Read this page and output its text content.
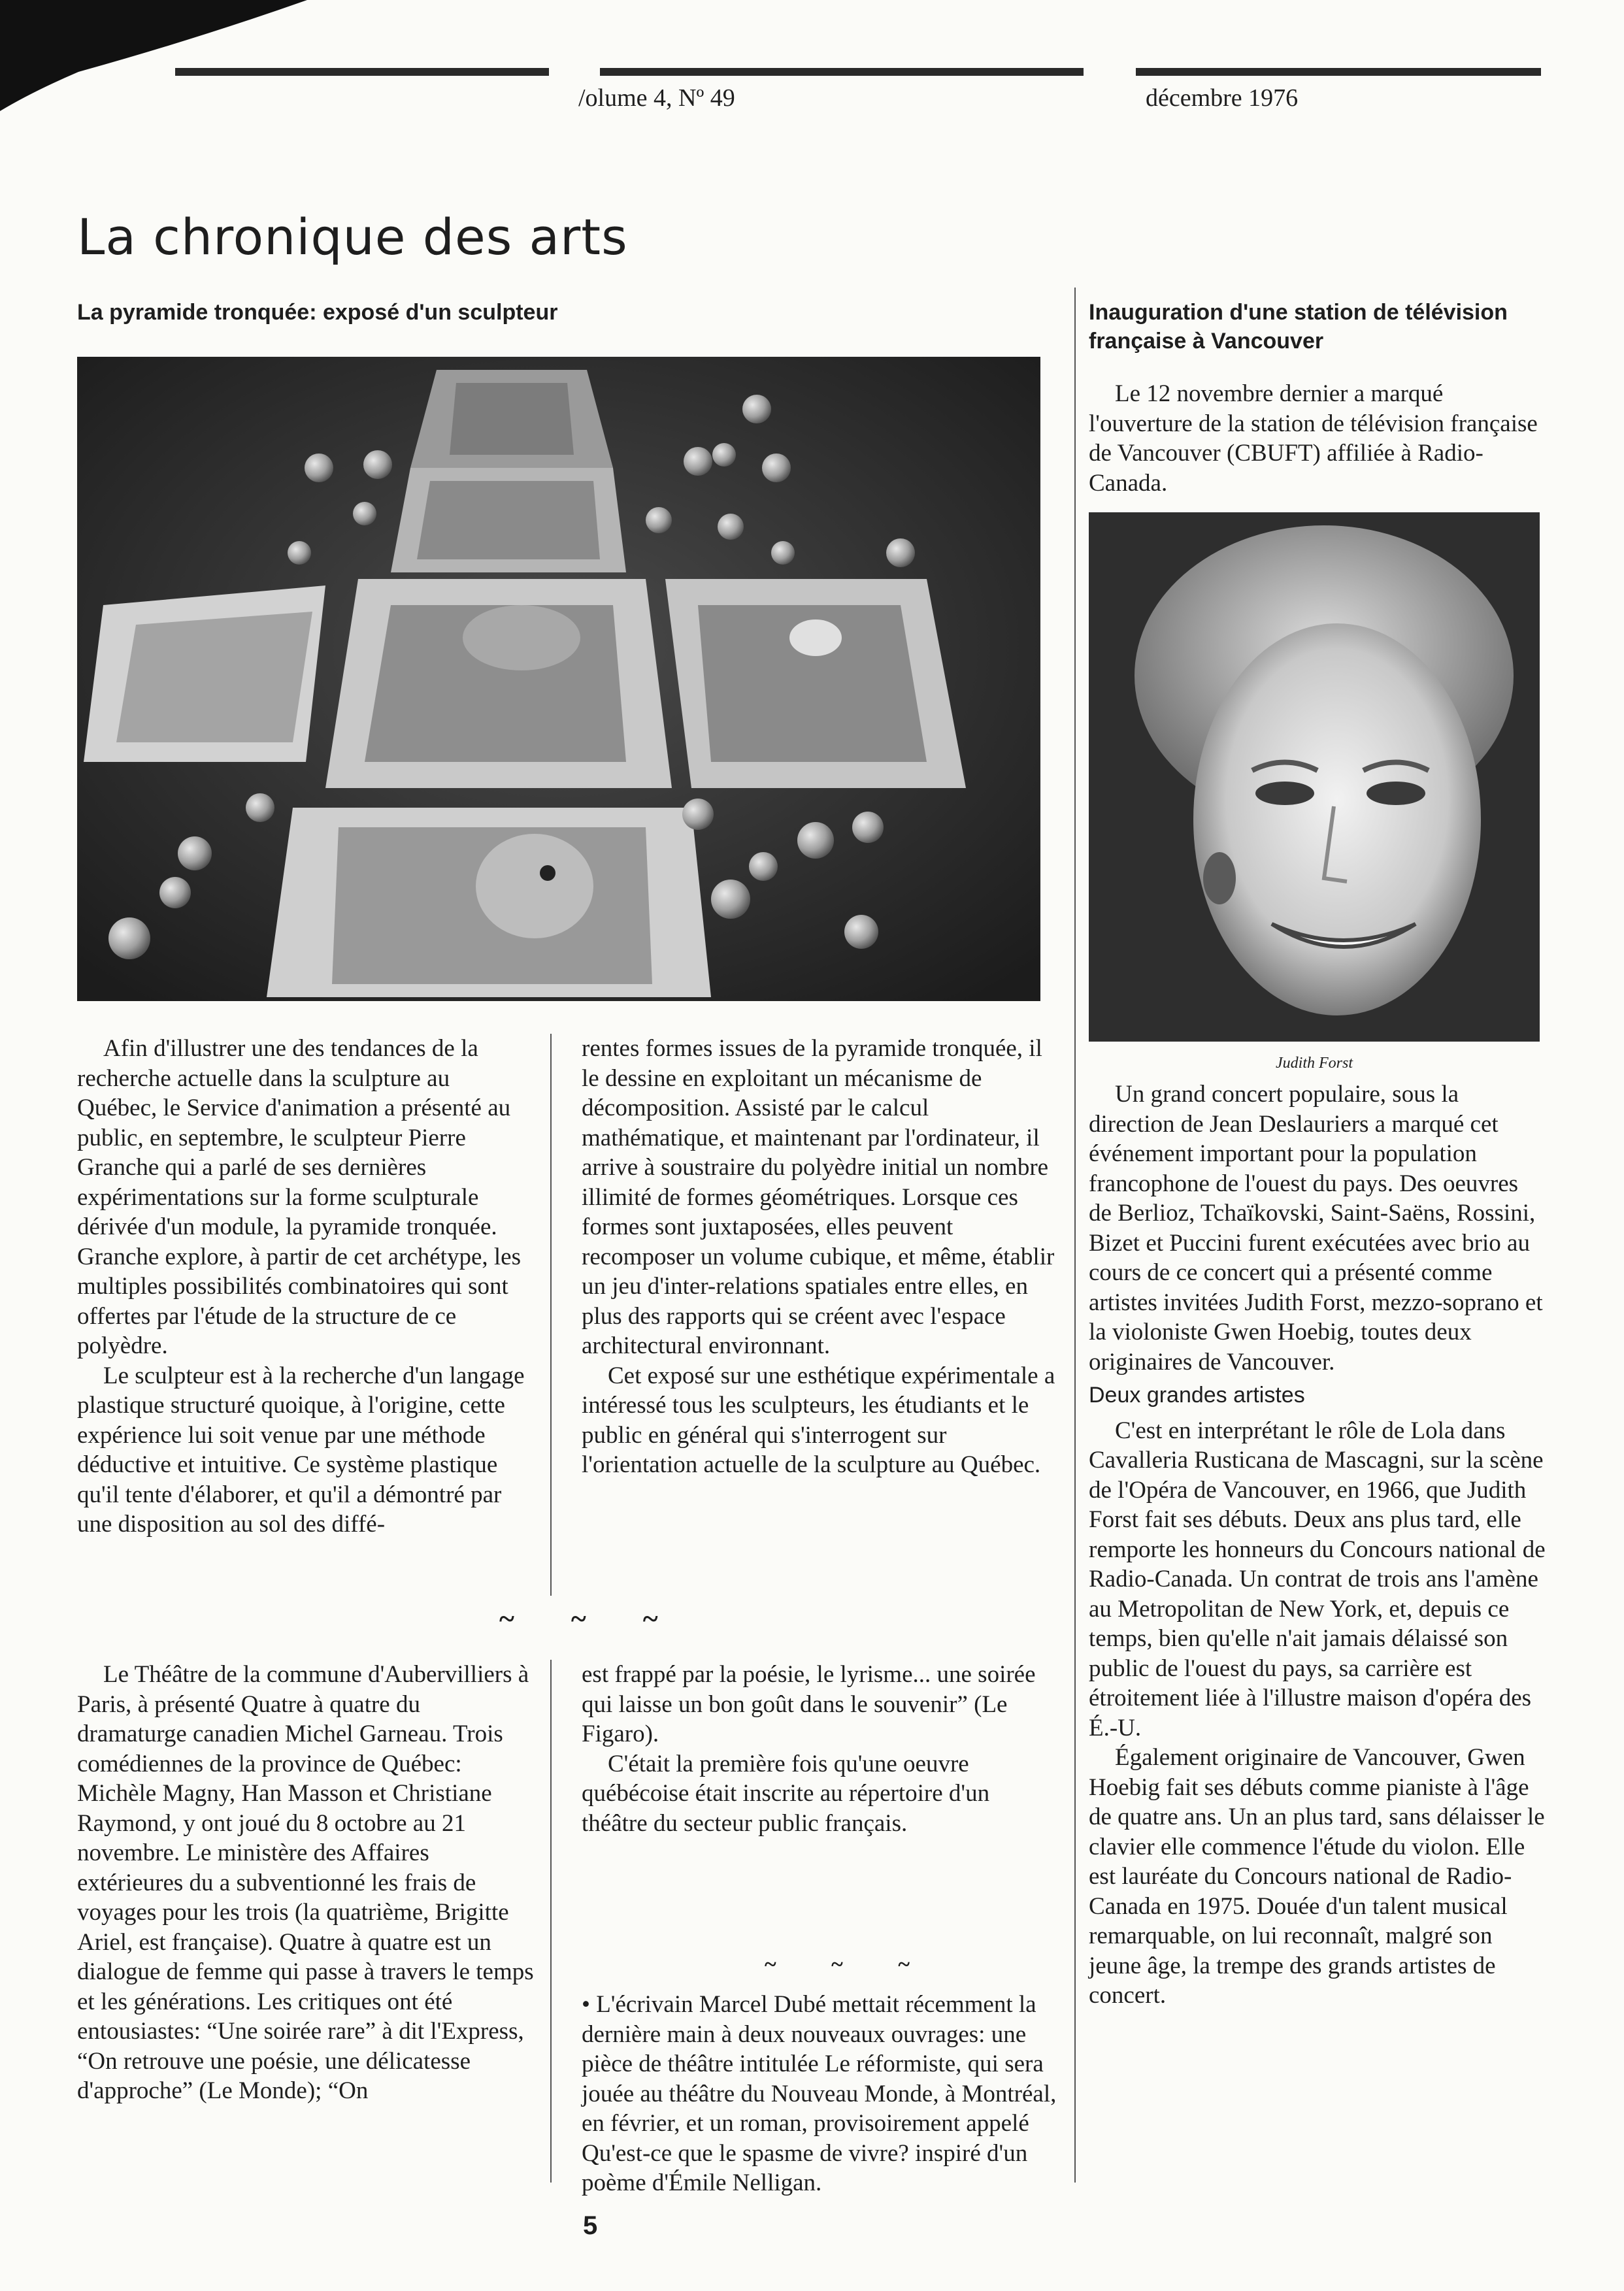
/olume 4, Nº 49	décembre 1976
La chronique des arts
La pyramide tronquée: exposé d'un sculpteur

Afin d'illustrer une des tendances de la recherche actuelle dans la sculpture au Québec, le Service d'animation a présenté au public, en septembre, le sculpteur Pierre Granche qui a parlé de ses dernières expérimentations sur la forme sculpturale dérivée d'un module, la pyramide tronquée. Granche explore, à partir de cet archétype, les multiples possibilités combinatoires qui sont offertes par l'étude de la structure de ce polyèdre.

Le sculpteur est à la recherche d'un langage plastique structuré quoique, à l'origine, cette expérience lui soit venue par une méthode déductive et intuitive. Ce système plastique qu'il tente d'élaborer, et qu'il a démontré par une disposition au sol des diffé-

rentes formes issues de la pyramide tronquée, il le dessine en exploitant un mécanisme de décomposition. Assisté par le calcul mathématique, et maintenant par l'ordinateur, il arrive à soustraire du polyèdre initial un nombre illimité de formes géométriques. Lorsque ces formes sont juxtaposées, elles peuvent recomposer un volume cubique, et même, établir un jeu d'inter-relations spatiales entre elles, en plus des rapports qui se créent avec l'espace architectural environnant.

Cet exposé sur une esthétique expérimentale a intéressé tous les sculpteurs, les étudiants et le public en général qui s'interrogent sur l'orientation actuelle de la sculpture au Québec.

~ ~ ~

Le Théâtre de la commune d'Aubervilliers à Paris, à présenté Quatre à quatre du dramaturge canadien Michel Garneau. Trois comédiennes de la province de Québec: Michèle Magny, Han Masson et Christiane Raymond, y ont joué du 8 octobre au 21 novembre. Le ministère des Affaires extérieures du a subventionné les frais de voyages pour les trois (la quatrième, Brigitte Ariel, est française). Quatre à quatre est un dialogue de femme qui passe à travers le temps et les générations. Les critiques ont été entousiastes: “Une soirée rare” à dit l'Express, “On retrouve une poésie, une délicatesse d'approche” (Le Monde); “On

est frappé par la poésie, le lyrisme... une soirée qui laisse un bon goût dans le souvenir” (Le Figaro).

C'était la première fois qu'une oeuvre québécoise était inscrite au répertoire d'un théâtre du secteur public français.

~ ~ ~

• L'écrivain Marcel Dubé mettait récemment la dernière main à deux nouveaux ouvrages: une pièce de théâtre intitulée Le réformiste, qui sera jouée au théâtre du Nouveau Monde, à Montréal, en février, et un roman, provisoirement appelé Qu'est-ce que le spasme de vivre? inspiré d'un poème d'Émile Nelligan.

Inauguration d'une station de télévision française à Vancouver

Le 12 novembre dernier a marqué l'ouverture de la station de télévision française de Vancouver (CBUFT) affiliée à Radio-Canada.

Judith Forst

Un grand concert populaire, sous la direction de Jean Deslauriers a marqué cet événement important pour la population francophone de l'ouest du pays. Des oeuvres de Berlioz, Tchaïkovski, Saint-Saëns, Rossini, Bizet et Puccini furent exécutées avec brio au cours de ce concert qui a présenté comme artistes invitées Judith Forst, mezzo-soprano et la violoniste Gwen Hoebig, toutes deux originaires de Vancouver.

Deux grandes artistes

C'est en interprétant le rôle de Lola dans Cavalleria Rusticana de Mascagni, sur la scène de l'Opéra de Vancouver, en 1966, que Judith Forst fait ses débuts. Deux ans plus tard, elle remporte les honneurs du Concours national de Radio-Canada. Un contrat de trois ans l'amène au Metropolitan de New York, et, depuis ce temps, bien qu'elle n'ait jamais délaissé son public de l'ouest du pays, sa carrière est étroitement liée à l'illustre maison d'opéra des É.-U.

Également originaire de Vancouver, Gwen Hoebig fait ses débuts comme pianiste à l'âge de quatre ans. Un an plus tard, sans délaisser le clavier elle commence l'étude du violon. Elle est lauréate du Concours national de Radio-Canada en 1975. Douée d'un talent musical remarquable, on lui reconnaît, malgré son jeune âge, la trempe des grands artistes de concert.

5
